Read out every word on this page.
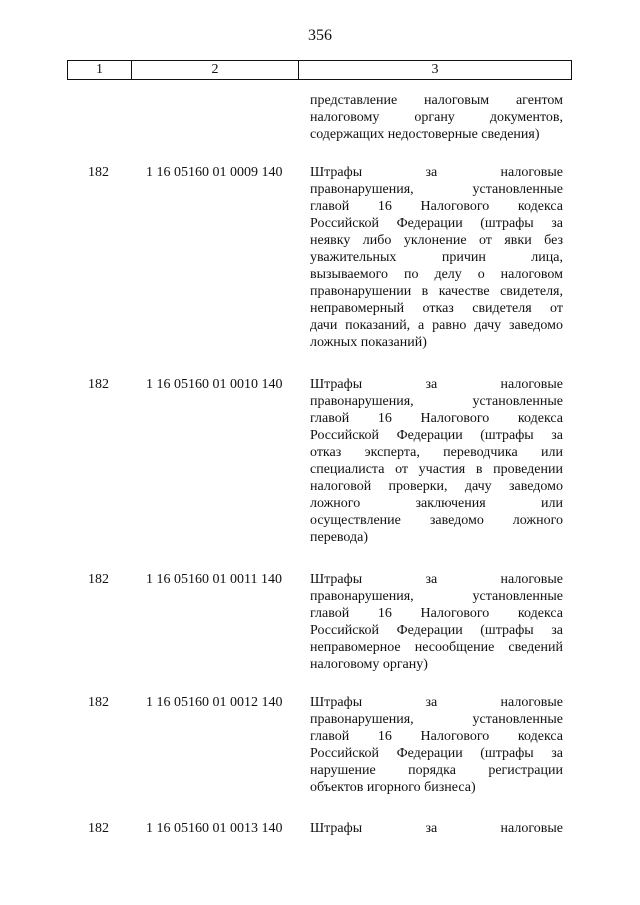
356
1	2	3
представление налоговым агентом
налоговому	органу	документов,
содержащих недостоверные сведения)
182	1 16 05160 01 0009 140 Штрафы	за	налоговые
правонарушения,	установленные
главой 16 Налогового кодекса
Российской Федерации (штрафы за
неявку либо уклонение от явки без
уважительных	причин	лица,
вызываемого по делу о налоговом
правонарушении в качестве свидетеля,
неправомерный отказ свидетеля от
дачи показаний, а равно дачу заведомо
ложных показаний)
182	1 16 05160 01 0010 140 Штрафы	за	налоговые
правонарушения,	установленные
главой 16 Налогового кодекса
Российской Федерации (штрафы за
отказ эксперта, переводчика или
специалиста от участия в проведении
налоговой проверки, дачу заведомо
ложного	заключения	или
осуществление заведомо ложного
перевода)
182	1 16 05160 01 0011 140 Штрафы	за	налоговые
правонарушения,	установленные
главой 16 Налогового кодекса
Российской Федерации (штрафы за
неправомерное несообщение сведений
налоговому органу)
182	1 16 05160 01 0012 140 Штрафы	за	налоговые
правонарушения,	установленные
главой 16 Налогового кодекса
Российской Федерации (штрафы за
нарушение порядка регистрации
объектов игорного бизнеса)
182	1 16 05160 01 0013 140 Штрафы	за	налоговые
